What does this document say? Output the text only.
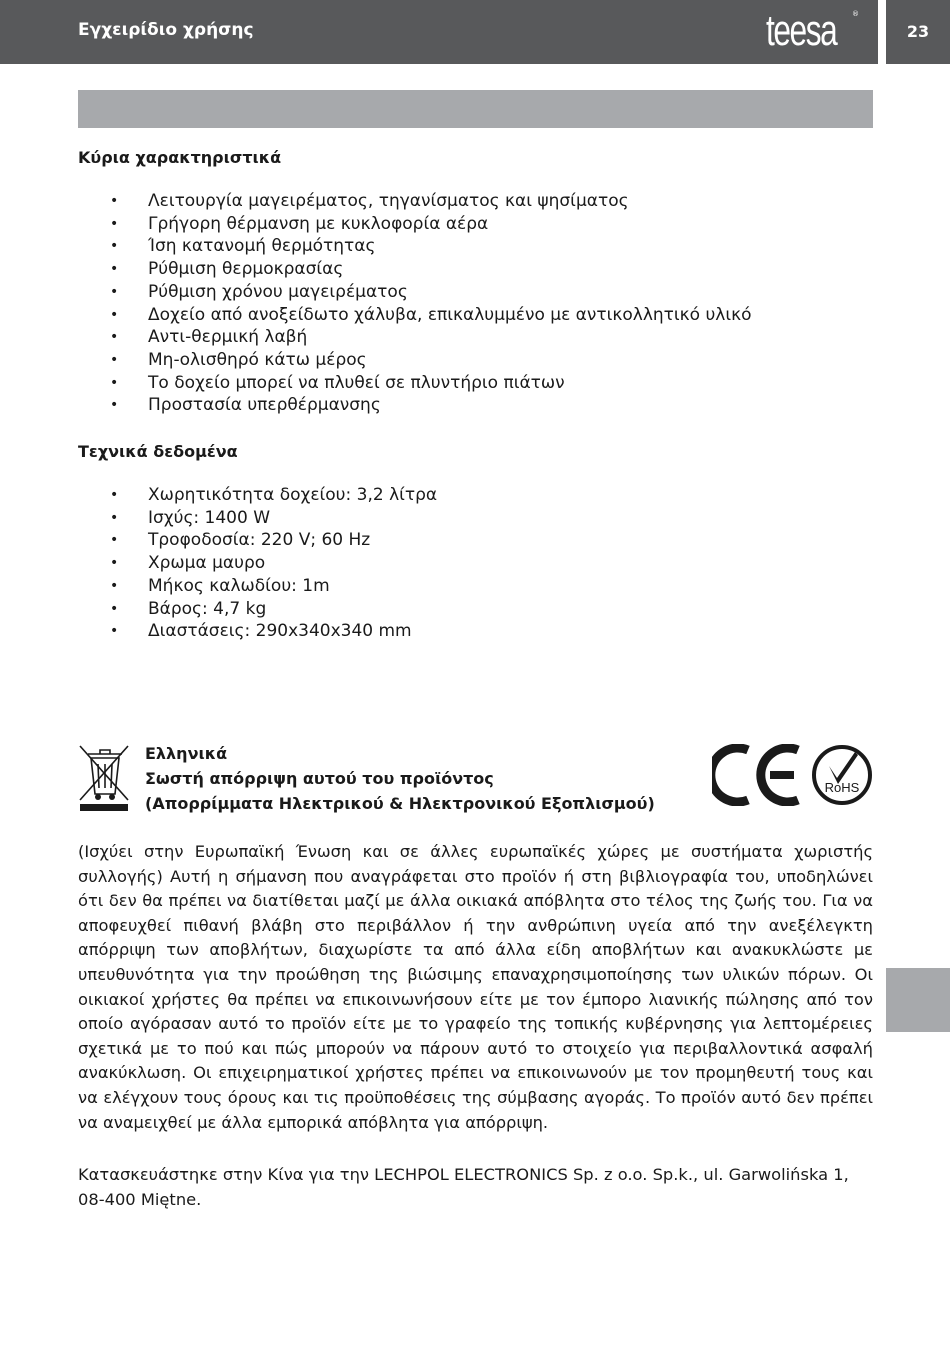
Εγχειρίδιο χρήσης	teesa ®
23
Κύρια χαρακτηριστικά
• Λειτουργία μαγειρέματος, τηγανίσματος και ψησίματος
• Γρήγορη θέρμανση με κυκλοφορία αέρα
• Ίση κατανομή θερμότητας
• Ρύθμιση θερμοκρασίας
• Ρύθμιση χρόνου μαγειρέματος
• Δοχείο από ανοξείδωτο χάλυβα, επικαλυμμένο με αντικολλητικό υλικό
• Αντι-θερμική λαβή
• Μη-ολισθηρό κάτω μέρος
• Το δοχείο μπορεί να πλυθεί σε πλυντήριο πιάτων
• Προστασία υπερθέρμανσης
Τεχνικά δεδομένα
• Χωρητικότητα δοχείου: 3,2 λίτρα
• Ισχύς: 1400 W
• Τροφοδοσία: 220 V; 60 Hz
• Χρωμα μαυρο
• Μήκος καλωδίου: 1m
• Βάρος: 4,7 kg
• Διαστάσεις: 290x340x340 mm
Ελληνικά
Σωστή απόρριψη αυτού του προϊόντος
(Απορρίμματα Ηλεκτρικού & Ηλεκτρονικού Εξοπλισμού)
RoHS
(Ισχύει στην Ευρωπαϊκή Ένωση και σε άλλες ευρωπαϊκές χώρες με συστήματα χωριστής συλλογής) Αυτή η σήμανση που αναγράφεται στο προϊόν ή στη βιβλιογραφία του, υποδηλώνει ότι δεν θα πρέπει να διατίθεται μαζί με άλλα οικιακά απόβλητα στο τέλος της ζωής του. Για να αποφευχθεί πιθανή βλάβη στο περιβάλλον ή την ανθρώπινη υγεία από την ανεξέλεγκτη απόρριψη των αποβλήτων, διαχωρίστε τα από άλλα είδη αποβλήτων και ανακυκλώστε με υπευθυνότητα για την προώθηση της βιώσιμης επαναχρησιμοποίησης των υλικών πόρων. Οι οικιακοί χρήστες θα πρέπει να επικοινωνήσουν είτε με τον έμπορο λιανικής πώλησης από τον οποίο αγόρασαν αυτό το προϊόν είτε με το γραφείο της τοπικής κυβέρνησης για λεπτομέρειες σχετικά με το πού και πώς μπορούν να πάρουν αυτό το στοιχείο για περιβαλλοντικά ασφαλή ανακύκλωση. Οι επιχειρηματικοί χρήστες πρέπει να επικοινωνούν με τον προμηθευτή τους και να ελέγχουν τους όρους και τις προϋποθέσεις της σύμβασης αγοράς. Το προϊόν αυτό δεν πρέπει να αναμειχθεί με άλλα εμπορικά απόβλητα για απόρριψη.
Κατασκευάστηκε στην Κίνα για την LECHPOL ELECTRONICS Sp. z o.o. Sp.k., ul. Garwolińska 1,
08-400 Miętne.
